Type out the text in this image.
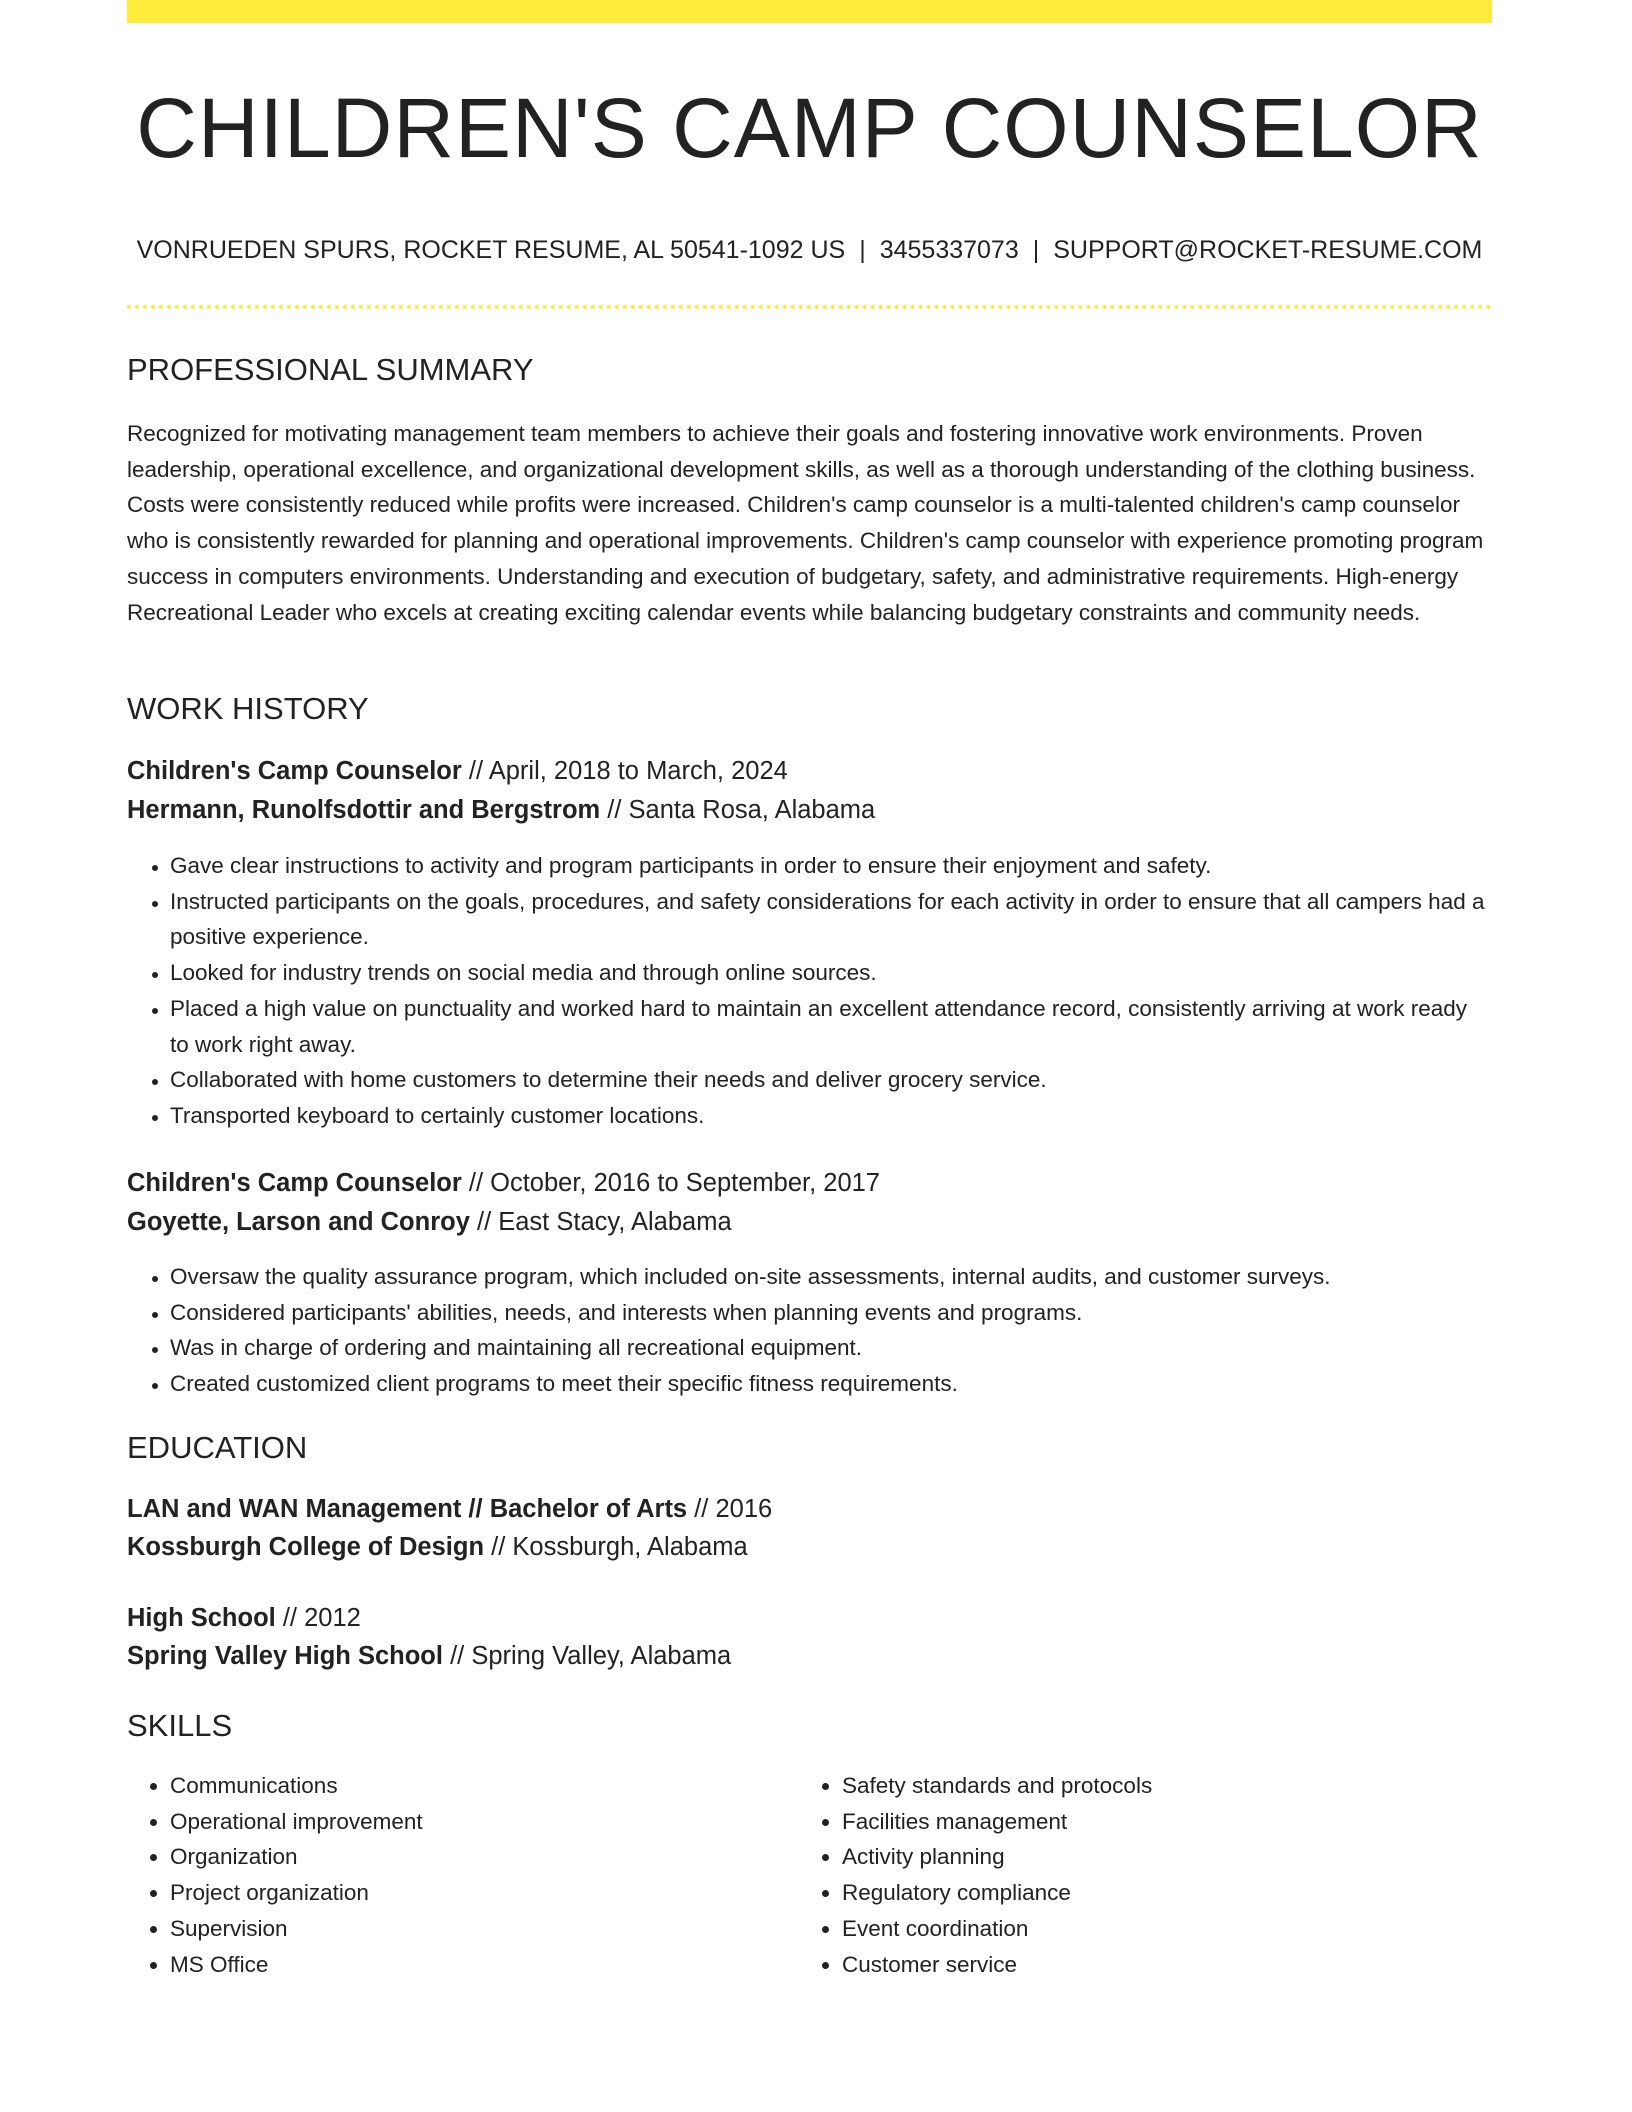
CHILDREN'S CAMP COUNSELOR
VONRUEDEN SPURS, ROCKET RESUME, AL 50541-1092 US | 3455337073 | SUPPORT@ROCKET-RESUME.COM
PROFESSIONAL SUMMARY
Recognized for motivating management team members to achieve their goals and fostering innovative work environments. Proven leadership, operational excellence, and organizational development skills, as well as a thorough understanding of the clothing business. Costs were consistently reduced while profits were increased. Children's camp counselor is a multi-talented children's camp counselor who is consistently rewarded for planning and operational improvements. Children's camp counselor with experience promoting program success in computers environments. Understanding and execution of budgetary, safety, and administrative requirements. High-energy Recreational Leader who excels at creating exciting calendar events while balancing budgetary constraints and community needs.
WORK HISTORY
Children's Camp Counselor // April, 2018 to March, 2024
Hermann, Runolfsdottir and Bergstrom // Santa Rosa, Alabama
• Gave clear instructions to activity and program participants in order to ensure their enjoyment and safety.
• Instructed participants on the goals, procedures, and safety considerations for each activity in order to ensure that all campers had a positive experience.
• Looked for industry trends on social media and through online sources.
• Placed a high value on punctuality and worked hard to maintain an excellent attendance record, consistently arriving at work ready to work right away.
• Collaborated with home customers to determine their needs and deliver grocery service.
• Transported keyboard to certainly customer locations.
Children's Camp Counselor // October, 2016 to September, 2017
Goyette, Larson and Conroy // East Stacy, Alabama
• Oversaw the quality assurance program, which included on-site assessments, internal audits, and customer surveys.
• Considered participants' abilities, needs, and interests when planning events and programs.
• Was in charge of ordering and maintaining all recreational equipment.
• Created customized client programs to meet their specific fitness requirements.
EDUCATION
LAN and WAN Management // Bachelor of Arts // 2016
Kossburgh College of Design // Kossburgh, Alabama
High School // 2012
Spring Valley High School // Spring Valley, Alabama
SKILLS
• Communications
• Operational improvement
• Organization
• Project organization
• Supervision
• MS Office
• Safety standards and protocols
• Facilities management
• Activity planning
• Regulatory compliance
• Event coordination
• Customer service
